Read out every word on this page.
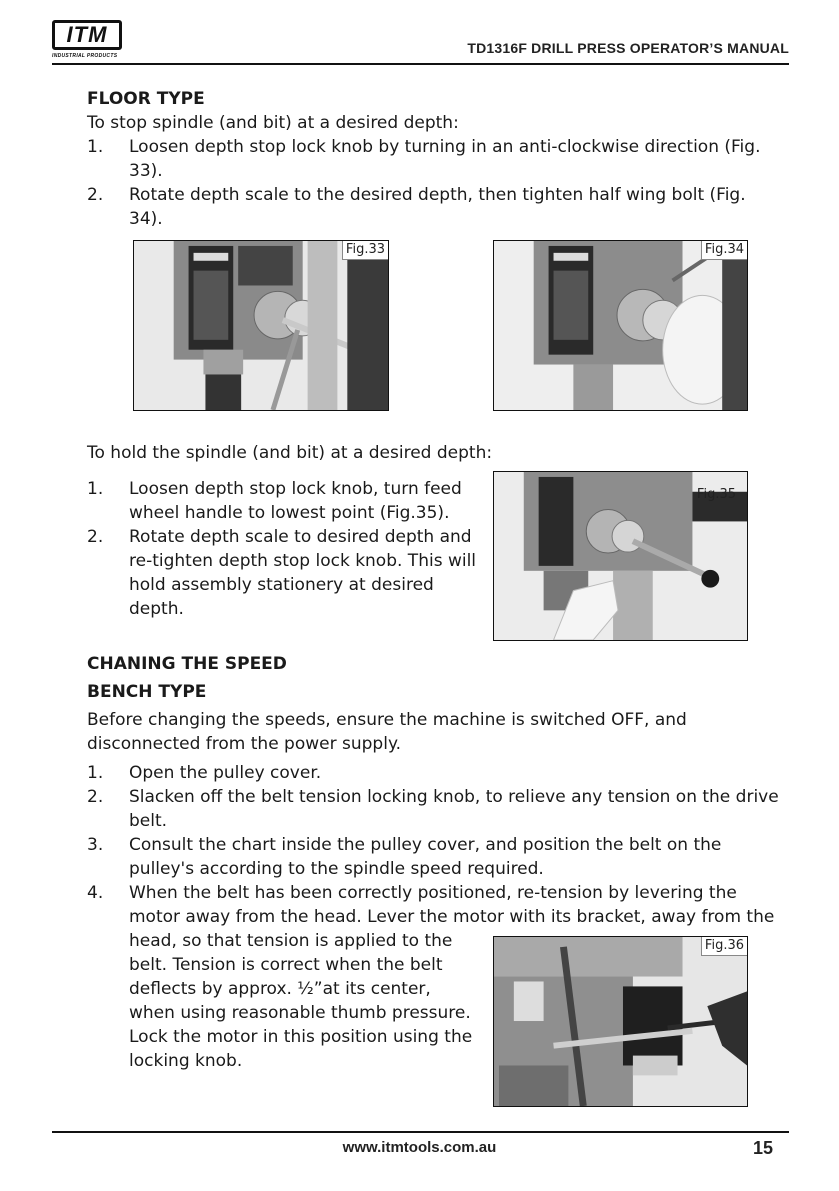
ITM
INDUSTRIAL PRODUCTS	TD1316F DRILL PRESS OPERATOR’S MANUAL
FLOOR TYPE
To stop spindle (and bit) at a desired depth:
1. Loosen depth stop lock knob by turning in an anti-clockwise direction (Fig.
33).
2. Rotate depth scale to the desired depth, then tighten half wing bolt (Fig.
34).
Fig.33	Fig.34
To hold the spindle (and bit) at a desired depth:
1. Loosen depth stop lock knob, turn feed
wheel handle to lowest point (Fig.35).
2. Rotate depth scale to desired depth and
re-tighten depth stop lock knob. This will
hold assembly stationery at desired
depth.
Fig.35
CHANING THE SPEED
BENCH TYPE
Before changing the speeds, ensure the machine is switched OFF, and
disconnected from the power supply.
1. Open the pulley cover.
2. Slacken off the belt tension locking knob, to relieve any tension on the drive
belt.
3. Consult the chart inside the pulley cover, and position the belt on the
pulley's according to the spindle speed required.
4. When the belt has been correctly positioned, re-tension by levering the
motor away from the head. Lever the motor with its bracket, away from the
head, so that tension is applied to the
belt. Tension is correct when the belt
deflects by approx. ½”at its center,
when using reasonable thumb pressure.
Lock the motor in this position using the
locking knob.
Fig.36
www.itmtools.com.au	15
